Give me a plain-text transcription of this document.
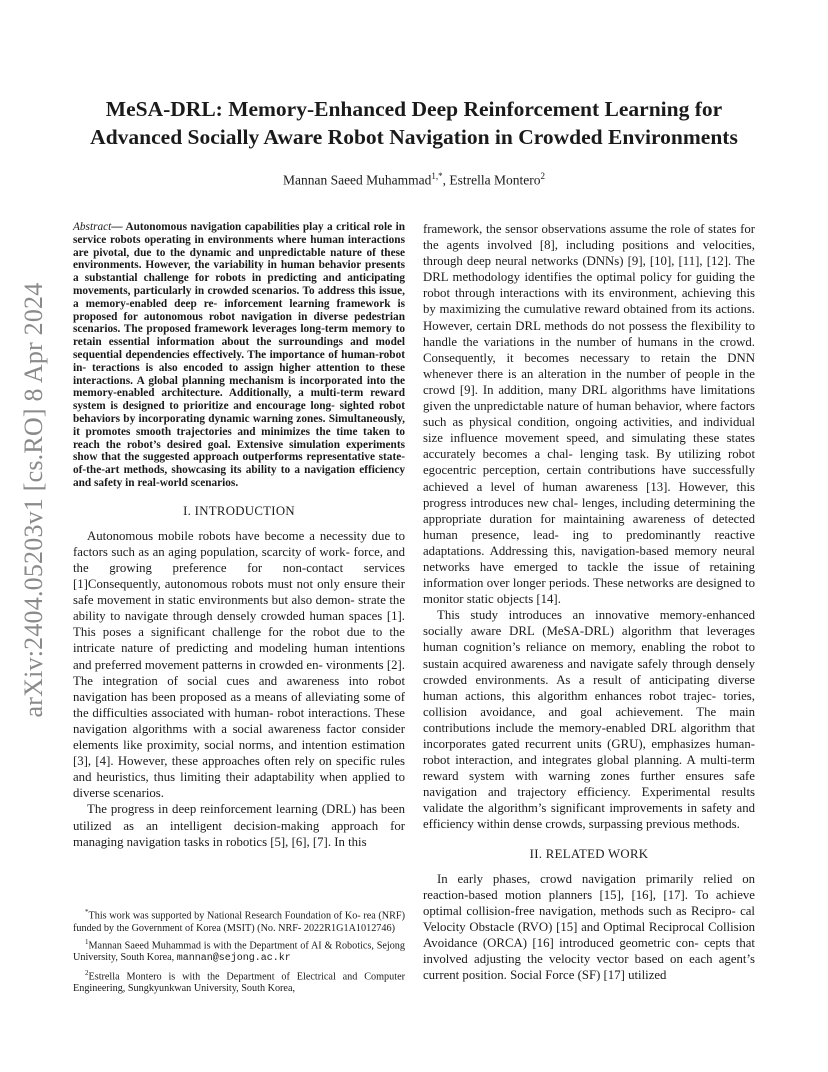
arXiv:2404.05203v1 [cs.RO] 8 Apr 2024
MeSA-DRL: Memory-Enhanced Deep Reinforcement Learning for Advanced Socially Aware Robot Navigation in Crowded Environments
Mannan Saeed Muhammad$^{1,*}$, Estrella Montero$^2$

Abstract— Autonomous navigation capabilities play a critical role in service robots operating in environments where human interactions are pivotal, due to the dynamic and unpredictable nature of these environments. However, the variability in human behavior presents a substantial challenge for robots in predicting and anticipating movements, particularly in crowded scenarios. To address this issue, a memory-enabled deep re- inforcement learning framework is proposed for autonomous robot navigation in diverse pedestrian scenarios. The proposed framework leverages long-term memory to retain essential information about the surroundings and model sequential dependencies effectively. The importance of human-robot in- teractions is also encoded to assign higher attention to these interactions. A global planning mechanism is incorporated into the memory-enabled architecture. Additionally, a multi-term reward system is designed to prioritize and encourage long- sighted robot behaviors by incorporating dynamic warning zones. Simultaneously, it promotes smooth trajectories and minimizes the time taken to reach the robot’s desired goal. Extensive simulation experiments show that the suggested approach outperforms representative state-of-the-art methods, showcasing its ability to a navigation efficiency and safety in real-world scenarios.

I. INTRODUCTION

Autonomous mobile robots have become a necessity due to factors such as an aging population, scarcity of work- force, and the growing preference for non-contact services [1]Consequently, autonomous robots must not only ensure their safe movement in static environments but also demon- strate the ability to navigate through densely crowded human spaces [1]. This poses a significant challenge for the robot due to the intricate nature of predicting and modeling human intentions and preferred movement patterns in crowded en- vironments [2]. The integration of social cues and awareness into robot navigation has been proposed as a means of alleviating some of the difficulties associated with human- robot interactions. These navigation algorithms with a social awareness factor consider elements like proximity, social norms, and intention estimation [3], [4]. However, these approaches often rely on specific rules and heuristics, thus limiting their adaptability when applied to diverse scenarios.

The progress in deep reinforcement learning (DRL) has been utilized as an intelligent decision-making approach for managing navigation tasks in robotics [5], [6], [7]. In this

*This work was supported by National Research Foundation of Ko- rea (NRF) funded by the Government of Korea (MSIT) (No. NRF- 2022R1G1A1012746)

$^1$Mannan Saeed Muhammad is with the Department of AI & Robotics, Sejong University, South Korea, mannan@sejong.ac.kr

$^2$Estrella Montero is with the Department of Electrical and Computer Engineering, Sungkyunkwan University, South Korea,

framework, the sensor observations assume the role of states for the agents involved [8], including positions and velocities, through deep neural networks (DNNs) [9], [10], [11], [12]. The DRL methodology identifies the optimal policy for guiding the robot through interactions with its environment, achieving this by maximizing the cumulative reward obtained from its actions. However, certain DRL methods do not possess the flexibility to handle the variations in the number of humans in the crowd. Consequently, it becomes necessary to retain the DNN whenever there is an alteration in the number of people in the crowd [9]. In addition, many DRL algorithms have limitations given the unpredictable nature of human behavior, where factors such as physical condition, ongoing activities, and individual size influence movement speed, and simulating these states accurately becomes a chal- lenging task. By utilizing robot egocentric perception, certain contributions have successfully achieved a level of human awareness [13]. However, this progress introduces new chal- lenges, including determining the appropriate duration for maintaining awareness of detected human presence, lead- ing to predominantly reactive adaptations. Addressing this, navigation-based memory neural networks have emerged to tackle the issue of retaining information over longer periods. These networks are designed to monitor static objects [14].

This study introduces an innovative memory-enhanced socially aware DRL (MeSA-DRL) algorithm that leverages human cognition’s reliance on memory, enabling the robot to sustain acquired awareness and navigate safely through densely crowded environments. As a result of anticipating diverse human actions, this algorithm enhances robot trajec- tories, collision avoidance, and goal achievement. The main contributions include the memory-enabled DRL algorithm that incorporates gated recurrent units (GRU), emphasizes human-robot interaction, and integrates global planning. A multi-term reward system with warning zones further ensures safe navigation and trajectory efficiency. Experimental results validate the algorithm’s significant improvements in safety and efficiency within dense crowds, surpassing previous methods.

II. RELATED WORK

In early phases, crowd navigation primarily relied on reaction-based motion planners [15], [16], [17]. To achieve optimal collision-free navigation, methods such as Recipro- cal Velocity Obstacle (RVO) [15] and Optimal Reciprocal Collision Avoidance (ORCA) [16] introduced geometric con- cepts that involved adjusting the velocity vector based on each agent’s current position. Social Force (SF) [17] utilized
